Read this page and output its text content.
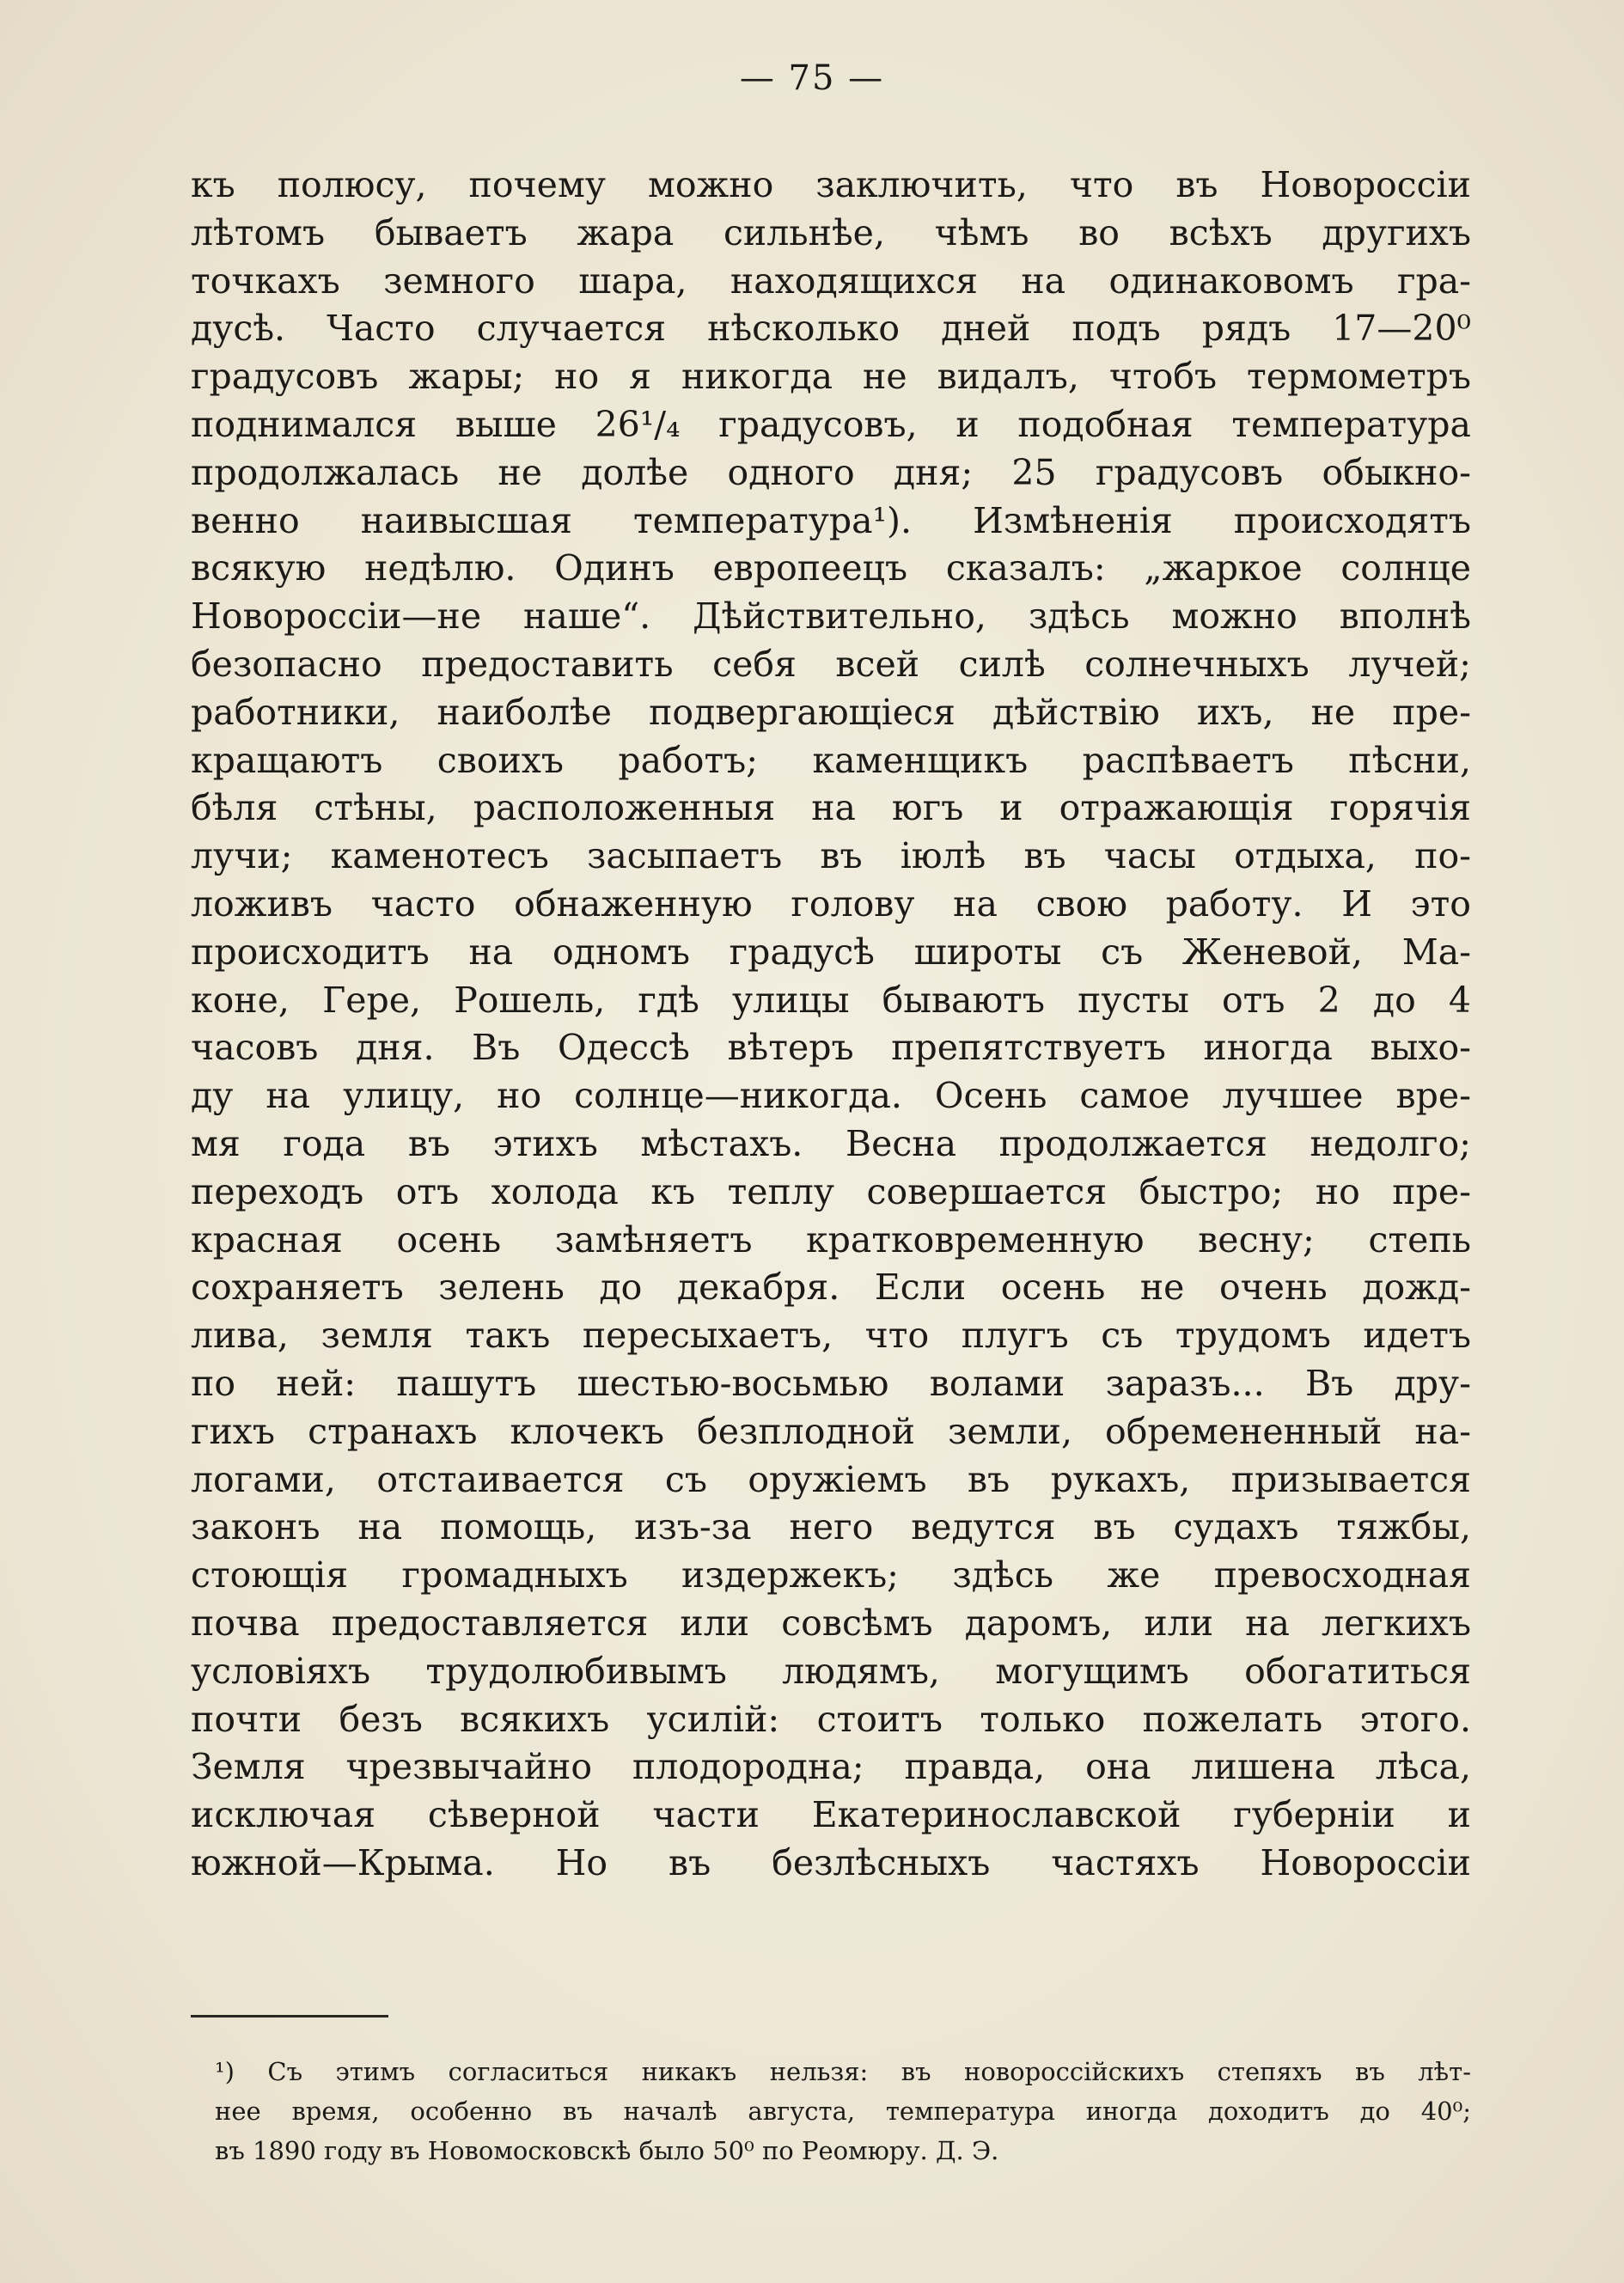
— 75 —
къ полюсу, почему можно заключить, что въ Новороссіи
лѣтомъ бываетъ жара сильнѣе, чѣмъ во всѣхъ другихъ
точкахъ земного шара, находящихся на одинаковомъ гра-
дусѣ. Часто случается нѣсколько дней подъ рядъ 17—20⁰
градусовъ жары; но я никогда не видалъ, чтобъ термометръ
поднимался выше 26¹/₄ градусовъ, и подобная температура
продолжалась не долѣе одного дня; 25 градусовъ обыкно-
венно наивысшая температура¹). Измѣненія происходятъ
всякую недѣлю. Одинъ европеецъ сказалъ: „жаркое солнце
Новороссіи—не наше“. Дѣйствительно, здѣсь можно вполнѣ
безопасно предоставить себя всей силѣ солнечныхъ лучей;
работники, наиболѣе подвергающіеся дѣйствію ихъ, не пре-
кращаютъ своихъ работъ; каменщикъ распѣваетъ пѣсни,
бѣля стѣны, расположенныя на югъ и отражающія горячія
лучи; каменотесъ засыпаетъ въ іюлѣ въ часы отдыха, по-
ложивъ часто обнаженную голову на свою работу. И это
происходитъ на одномъ градусѣ широты съ Женевой, Ма-
коне, Гере, Рошель, гдѣ улицы бываютъ пусты отъ 2 до 4
часовъ дня. Въ Одессѣ вѣтеръ препятствуетъ иногда выхо-
ду на улицу, но солнце—никогда. Осень самое лучшее вре-
мя года въ этихъ мѣстахъ. Весна продолжается недолго;
переходъ отъ холода къ теплу совершается быстро; но пре-
красная осень замѣняетъ кратковременную весну; степь
сохраняетъ зелень до декабря. Если осень не очень дожд-
лива, земля такъ пересыхаетъ, что плугъ съ трудомъ идетъ
по ней: пашутъ шестью-восьмью волами заразъ... Въ дру-
гихъ странахъ клочекъ безплодной земли, обремененный на-
логами, отстаивается съ оружіемъ въ рукахъ, призывается
законъ на помощь, изъ-за него ведутся въ судахъ тяжбы,
стоющія громадныхъ издержекъ; здѣсь же превосходная
почва предоставляется или совсѣмъ даромъ, или на легкихъ
условіяхъ трудолюбивымъ людямъ, могущимъ обогатиться
почти безъ всякихъ усилій: стоитъ только пожелать этого.
Земля чрезвычайно плодородна; правда, она лишена лѣса,
исключая сѣверной части Екатеринославской губерніи и
южной—Крыма. Но въ безлѣсныхъ частяхъ Новороссіи
¹) Съ этимъ согласиться никакъ нельзя: въ новороссійскихъ степяхъ въ лѣт-
нее время, особенно въ началѣ августа, температура иногда доходитъ до 40⁰;
въ 1890 году въ Новомосковскѣ было 50⁰ по Реомюру. Д. Э.
